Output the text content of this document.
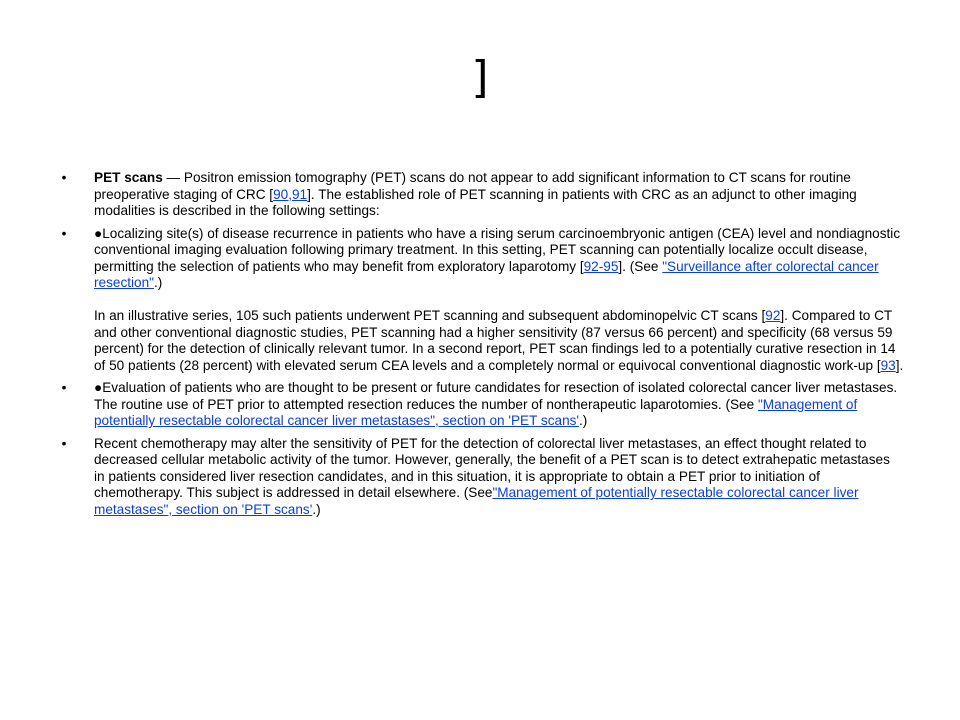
]
• PET scans — Positron emission tomography (PET) scans do not appear to add significant information to CT scans for routine preoperative staging of CRC [90,91]. The established role of PET scanning in patients with CRC as an adjunct to other imaging modalities is described in the following settings:

• ●Localizing site(s) of disease recurrence in patients who have a rising serum carcinoembryonic antigen (CEA) level and nondiagnostic conventional imaging evaluation following primary treatment. In this setting, PET scanning can potentially localize occult disease, permitting the selection of patients who may benefit from exploratory laparotomy [92-95]. (See "Surveillance after colorectal cancer resection".)

In an illustrative series, 105 such patients underwent PET scanning and subsequent abdominopelvic CT scans [92]. Compared to CT and other conventional diagnostic studies, PET scanning had a higher sensitivity (87 versus 66 percent) and specificity (68 versus 59 percent) for the detection of clinically relevant tumor. In a second report, PET scan findings led to a potentially curative resection in 14 of 50 patients (28 percent) with elevated serum CEA levels and a completely normal or equivocal conventional diagnostic work-up [93].

• ●Evaluation of patients who are thought to be present or future candidates for resection of isolated colorectal cancer liver metastases. The routine use of PET prior to attempted resection reduces the number of nontherapeutic laparotomies. (See "Management of potentially resectable colorectal cancer liver metastases", section on 'PET scans'.)

• Recent chemotherapy may alter the sensitivity of PET for the detection of colorectal liver metastases, an effect thought related to decreased cellular metabolic activity of the tumor. However, generally, the benefit of a PET scan is to detect extrahepatic metastases in patients considered liver resection candidates, and in this situation, it is appropriate to obtain a PET prior to initiation of chemotherapy. This subject is addressed in detail elsewhere. (See"Management of potentially resectable colorectal cancer liver metastases", section on 'PET scans'.)
